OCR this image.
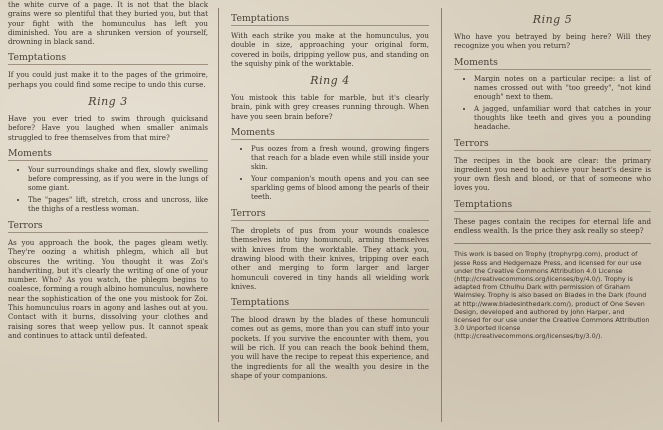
the white curve of a page. It is not that the black grains were so plentiful that they buried you, but that your fight with the homunculus has left you diminished. You are a shrunken version of yourself, drowning in black sand.

Temptations

If you could just make it to the pages of the grimoire, perhaps you could find some recipe to undo this curse.

Ring 3

Have you ever tried to swim through quicksand before? Have you laughed when smaller animals struggled to free themselves from that mire?

Moments
• Your surroundings shake and flex, slowly swelling before compressing, as if you were in the lungs of some giant.
• The "pages" lift, stretch, cross and uncross, like the thighs of a restless woman.
Terrors

As you approach the book, the pages gleam wetly. They're oozing a whitish phlegm, which all but obscures the writing. You thought it was Zoi's handwriting, but it's clearly the writing of one of your number. Who? As you watch, the phlegm begins to coalesce, forming a rough albino homunculus, nowhere near the sophistication of the one you mistook for Zoi. This homunculus roars in agony and lashes out at you. Contact with it burns, dissolving your clothes and raising sores that weep yellow pus. It cannot speak and continues to attack until defeated.

Temptations

With each strike you make at the homunculus, you double in size, approaching your original form, covered in boils, dripping yellow pus, and standing on the squishy pink of the worktable.

Ring 4

You mistook this table for marble, but it's clearly brain, pink with grey creases running through. When have you seen brain before?

Moments
• Pus oozes from a fresh wound, growing fingers that reach for a blade even while still inside your skin.
• Your companion's mouth opens and you can see sparkling gems of blood among the pearls of their teeth.
Terrors

The droplets of pus from your wounds coalesce themselves into tiny homunculi, arming themselves with knives from the worktable. They attack you, drawing blood with their knives, tripping over each other and merging to form larger and larger homunculi covered in tiny hands all wielding work knives.

Temptations

The blood drawn by the blades of these homunculi comes out as gems, more than you can stuff into your pockets. If you survive the encounter with them, you will be rich. If you can reach the book behind them, you will have the recipe to repeat this experience, and the ingredients for all the wealth you desire in the shape of your companions.

Ring 5

Who have you betrayed by being here? Will they recognize you when you return?

Moments
• Margin notes on a particular recipe: a list of names crossed out with "too greedy", "not kind enough" next to them.
• A jagged, unfamiliar word that catches in your thoughts like teeth and gives you a pounding headache.
Terrors

The recipes in the book are clear: the primary ingredient you need to achieve your heart's desire is your own flesh and blood, or that of someone who loves you.

Temptations

These pages contain the recipes for eternal life and endless wealth. Is the price they ask really so steep?

This work is based on Trophy (trophyrpg.com), product of Jesse Ross and Hedgemaze Press, and licensed for our use under the Creative Commons Attribution 4.0 License (http://creativecommons.org/licenses/by/4.0/). Trophy is adapted from Cthulhu Dark with permission of Graham Walmsley. Trophy is also based on Blades in the Dark (found at http://www.bladesinthedark.com/), product of One Seven Design, developed and authored by John Harper, and licensed for our use under the Creative Commons Attribution 3.0 Unported license (http://creativecommons.org/licenses/by/3.0/).
